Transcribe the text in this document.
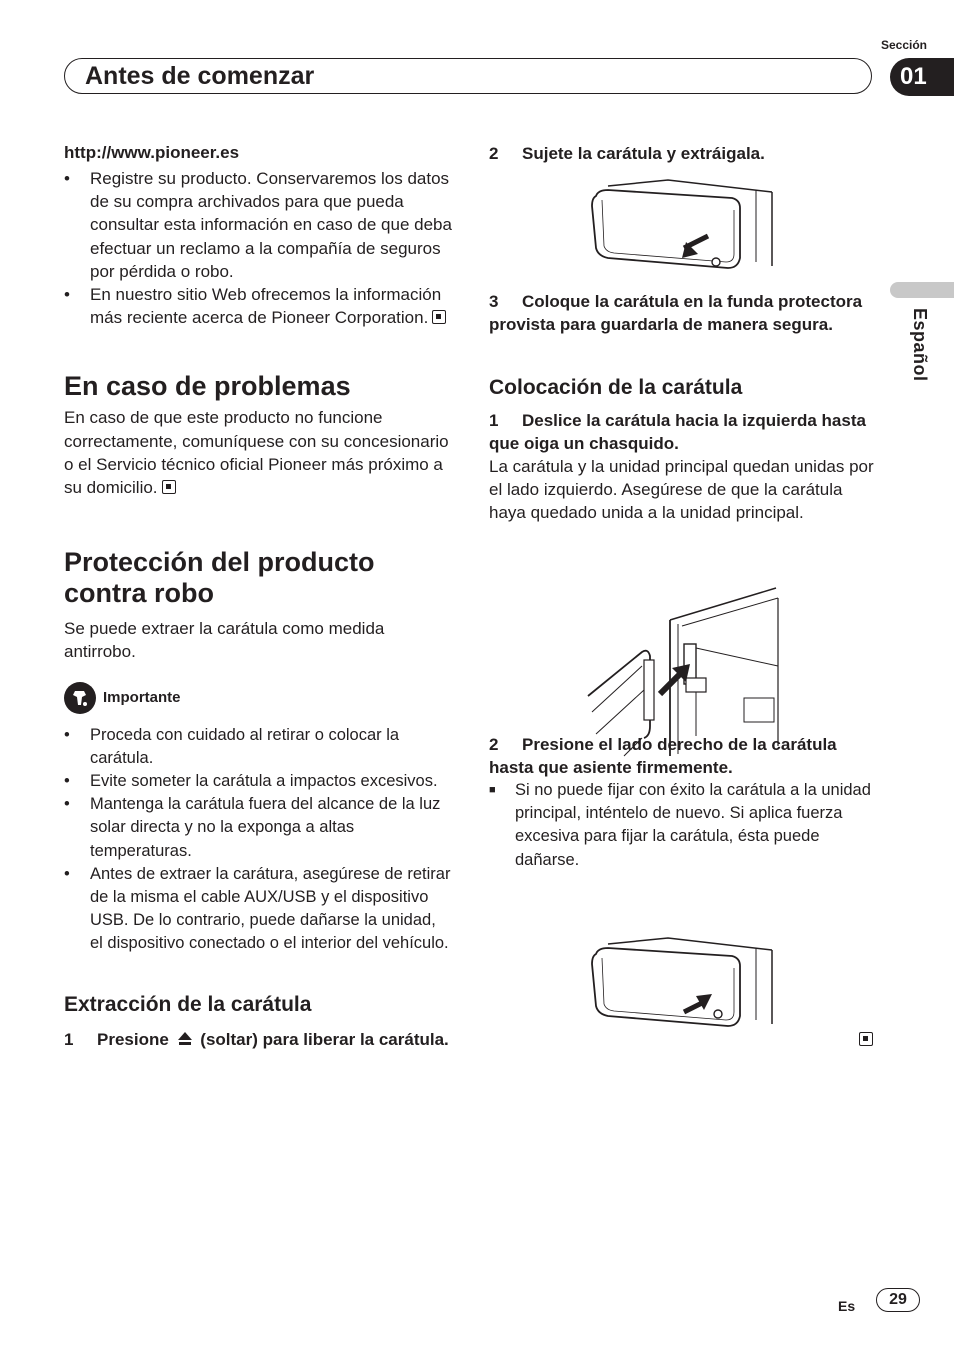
Sección
Antes de comenzar	01
Español
http://www.pioneer.es
• Registre su producto. Conservaremos los datos de su compra archivados para que pueda consultar esta información en caso de que deba efectuar un reclamo a la compañía de seguros por pérdida o robo.
• En nuestro sitio Web ofrecemos la información más reciente acerca de Pioneer Corporation.
En caso de problemas

En caso de que este producto no funcione correctamente, comuníquese con su concesionario o el Servicio técnico oficial Pioneer más próximo a su domicilio.

Protección del producto contra robo

Se puede extraer la carátula como medida antirrobo.

Importante
• Proceda con cuidado al retirar o colocar la carátula.
• Evite someter la carátula a impactos excesivos.
• Mantenga la carátula fuera del alcance de la luz solar directa y no la exponga a altas temperaturas.
• Antes de extraer la carátura, asegúrese de retirar de la misma el cable AUX/USB y el dispositivo USB. De lo contrario, puede dañarse la unidad, el dispositivo conectado o el interior del vehículo.
Extracción de la carátula

1 Presione (soltar) para liberar la carátula.

2 Sujete la carátula y extráigala.

3 Coloque la carátula en la funda protectora provista para guardarla de manera segura.

Colocación de la carátula

1 Deslice la carátula hacia la izquierda hasta que oiga un chasquido.

La carátula y la unidad principal quedan unidas por el lado izquierdo. Asegúrese de que la carátula haya quedado unida a la unidad principal.

2 Presione el lado derecho de la carátula hasta que asiente firmemente.

■ Si no puede fijar con éxito la carátula a la unidad principal, inténtelo de nuevo. Si aplica fuerza excesiva para fijar la carátula, ésta puede dañarse.
Es	29
